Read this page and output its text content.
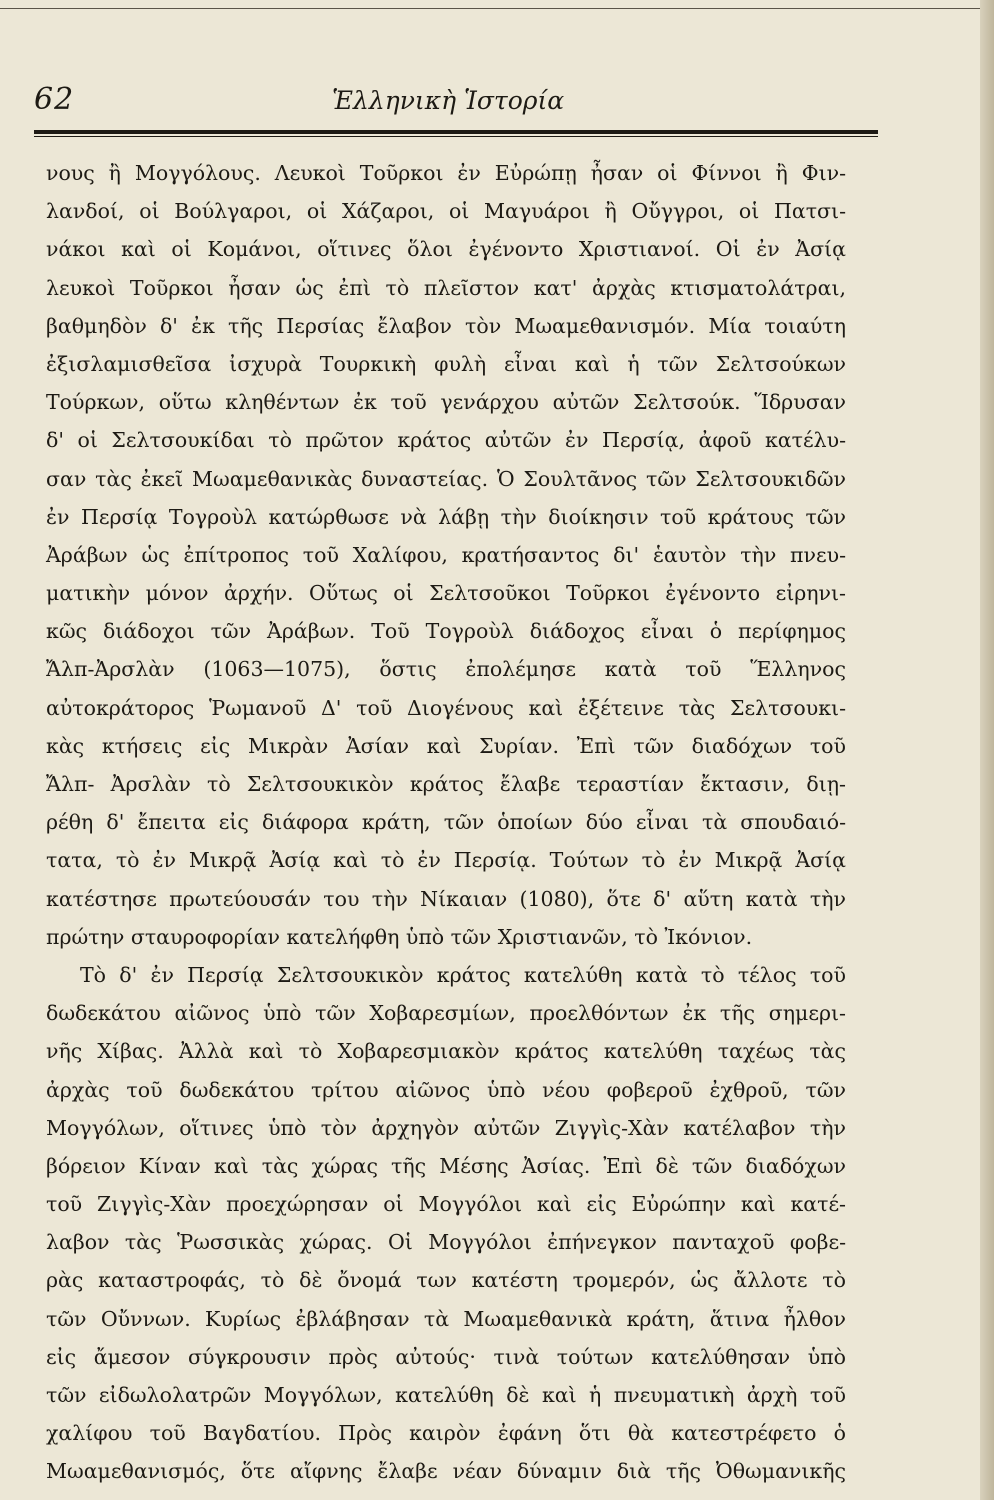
62	Ἑλληνικὴ Ἱστορία
νους ἢ Μογγόλους. Λευκοὶ Τοῦρκοι ἐν Εὐρώπῃ ἦσαν οἱ Φίννοι ἢ Φιν-
λανδοί, οἱ Βούλγαροι, οἱ Χάζαροι, οἱ Μαγυάροι ἢ Οὔγγροι, οἱ Πατσι-
νάκοι καὶ οἱ Κομάνοι, οἵτινες ὅλοι ἐγένοντο Χριστιανοί. Οἱ ἐν Ἀσίᾳ
λευκοὶ Τοῦρκοι ἦσαν ὡς ἐπὶ τὸ πλεῖστον κατ' ἀρχὰς κτισματολάτραι,
βαθμηδὸν δ' ἐκ τῆς Περσίας ἔλαβον τὸν Μωαμεθανισμόν. Μία τοιαύτη
ἐξισλαμισθεῖσα ἰσχυρὰ Τουρκικὴ φυλὴ εἶναι καὶ ἡ τῶν Σελτσούκων
Τούρκων, οὕτω κληθέντων ἐκ τοῦ γενάρχου αὐτῶν Σελτσούκ. Ἵδρυσαν
δ' οἱ Σελτσουκίδαι τὸ πρῶτον κράτος αὐτῶν ἐν Περσίᾳ, ἀφοῦ κατέλυ-
σαν τὰς ἐκεῖ Μωαμεθανικὰς δυναστείας. Ὁ Σουλτᾶνος τῶν Σελτσουκιδῶν
ἐν Περσίᾳ Τογροὺλ κατώρθωσε νὰ λάβῃ τὴν διοίκησιν τοῦ κράτους τῶν
Ἀράβων ὡς ἐπίτροπος τοῦ Χαλίφου, κρατήσαντος δι' ἑαυτὸν τὴν πνευ-
ματικὴν μόνον ἀρχήν. Οὕτως οἱ Σελτσοῦκοι Τοῦρκοι ἐγένοντο εἰρηνι-
κῶς διάδοχοι τῶν Ἀράβων. Τοῦ Τογροὺλ διάδοχος εἶναι ὁ περίφημος
Ἄλπ-Ἀρσλὰν (1063—1075), ὅστις ἐπολέμησε κατὰ τοῦ Ἕλληνος
αὐτοκράτορος Ῥωμανοῦ Δ' τοῦ Διογένους καὶ ἐξέτεινε τὰς Σελτσουκι-
κὰς κτήσεις εἰς Μικρὰν Ἀσίαν καὶ Συρίαν. Ἐπὶ τῶν διαδόχων τοῦ
Ἄλπ- Ἀρσλὰν τὸ Σελτσουκικὸν κράτος ἔλαβε τεραστίαν ἔκτασιν, διῃ-
ρέθη δ' ἔπειτα εἰς διάφορα κράτη, τῶν ὁποίων δύο εἶναι τὰ σπουδαιό-
τατα, τὸ ἐν Μικρᾷ Ἀσίᾳ καὶ τὸ ἐν Περσίᾳ. Τούτων τὸ ἐν Μικρᾷ Ἀσίᾳ
κατέστησε πρωτεύουσάν του τὴν Νίκαιαν (1080), ὅτε δ' αὕτη κατὰ τὴν
πρώτην σταυροφορίαν κατελήφθη ὑπὸ τῶν Χριστιανῶν, τὸ Ἰκόνιον.
Τὸ δ' ἐν Περσίᾳ Σελτσουκικὸν κράτος κατελύθη κατὰ τὸ τέλος τοῦ
δωδεκάτου αἰῶνος ὑπὸ τῶν Χοβαρεσμίων, προελθόντων ἐκ τῆς σημερι-
νῆς Χίβας. Ἀλλὰ καὶ τὸ Χοβαρεσμιακὸν κράτος κατελύθη ταχέως τὰς
ἀρχὰς τοῦ δωδεκάτου τρίτου αἰῶνος ὑπὸ νέου φοβεροῦ ἐχθροῦ, τῶν
Μογγόλων, οἵτινες ὑπὸ τὸν ἀρχηγὸν αὐτῶν Ζιγγὶς-Χὰν κατέλαβον τὴν
βόρειον Κίναν καὶ τὰς χώρας τῆς Μέσης Ἀσίας. Ἐπὶ δὲ τῶν διαδόχων
τοῦ Ζιγγὶς-Χὰν προεχώρησαν οἱ Μογγόλοι καὶ εἰς Εὐρώπην καὶ κατέ-
λαβον τὰς Ῥωσσικὰς χώρας. Οἱ Μογγόλοι ἐπήνεγκον πανταχοῦ φοβε-
ρὰς καταστροφάς, τὸ δὲ ὄνομά των κατέστη τρομερόν, ὡς ἄλλοτε τὸ
τῶν Οὔννων. Κυρίως ἐβλάβησαν τὰ Μωαμεθανικὰ κράτη, ἅτινα ἦλθον
εἰς ἄμεσον σύγκρουσιν πρὸς αὐτούς· τινὰ τούτων κατελύθησαν ὑπὸ
τῶν εἰδωλολατρῶν Μογγόλων, κατελύθη δὲ καὶ ἡ πνευματικὴ ἀρχὴ τοῦ
χαλίφου τοῦ Βαγδατίου. Πρὸς καιρὸν ἐφάνη ὅτι θὰ κατεστρέφετο ὁ
Μωαμεθανισμός, ὅτε αἴφνης ἔλαβε νέαν δύναμιν διὰ τῆς Ὀθωμανικῆς
